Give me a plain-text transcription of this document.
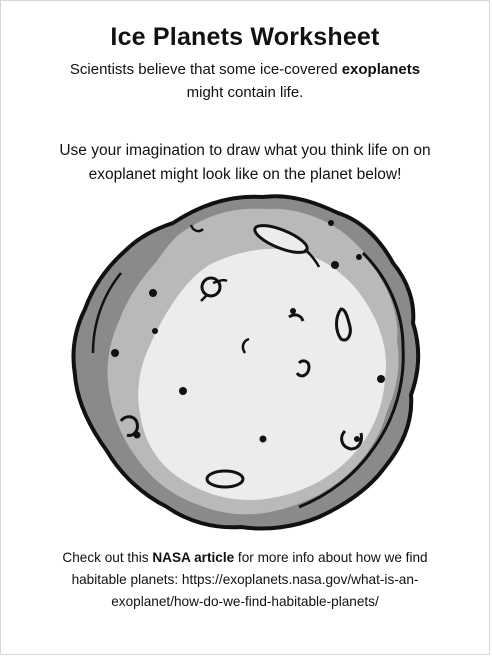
Ice Planets Worksheet
Scientists believe that some ice-covered exoplanets
might contain life.
Use your imagination to draw what you think life on on
exoplanet might look like on the planet below!
Check out this NASA article for more info about how we find
habitable planets: https://exoplanets.nasa.gov/what-is-an-
exoplanet/how-do-we-find-habitable-planets/
